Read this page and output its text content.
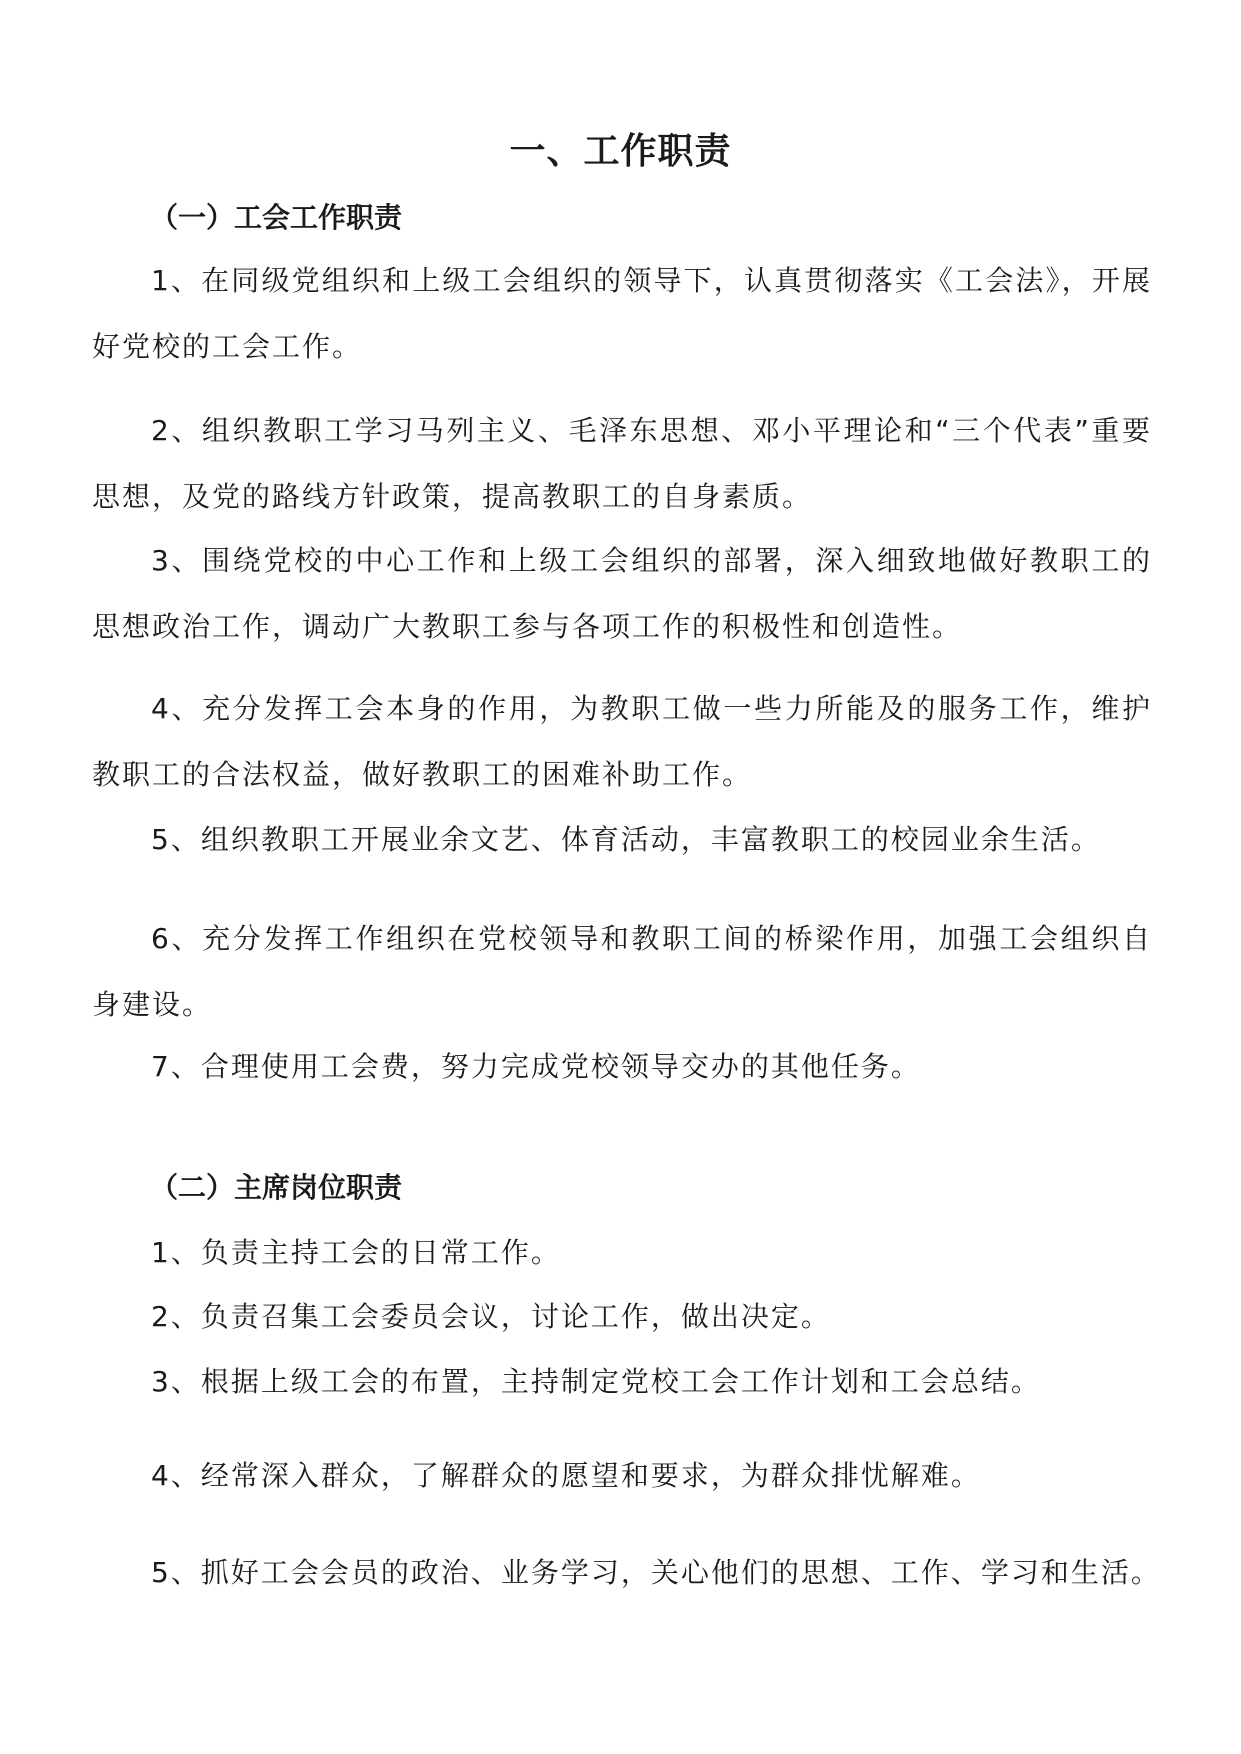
一、工作职责
（一）工会工作职责
1、在同级党组织和上级工会组织的领导下，认真贯彻落实《工会法》，开展好党校的工会工作。
2、组织教职工学习马列主义、毛泽东思想、邓小平理论和“三个代表”重要思想，及党的路线方针政策，提高教职工的自身素质。
3、围绕党校的中心工作和上级工会组织的部署，深入细致地做好教职工的思想政治工作，调动广大教职工参与各项工作的积极性和创造性。
4、充分发挥工会本身的作用，为教职工做一些力所能及的服务工作，维护教职工的合法权益，做好教职工的困难补助工作。
5、组织教职工开展业余文艺、体育活动，丰富教职工的校园业余生活。
6、充分发挥工作组织在党校领导和教职工间的桥梁作用，加强工会组织自身建设。
7、合理使用工会费，努力完成党校领导交办的其他任务。
（二）主席岗位职责
1、负责主持工会的日常工作。
2、负责召集工会委员会议，讨论工作，做出决定。
3、根据上级工会的布置，主持制定党校工会工作计划和工会总结。
4、经常深入群众，了解群众的愿望和要求，为群众排忧解难。
5、抓好工会会员的政治、业务学习，关心他们的思想、工作、学习和生活。
